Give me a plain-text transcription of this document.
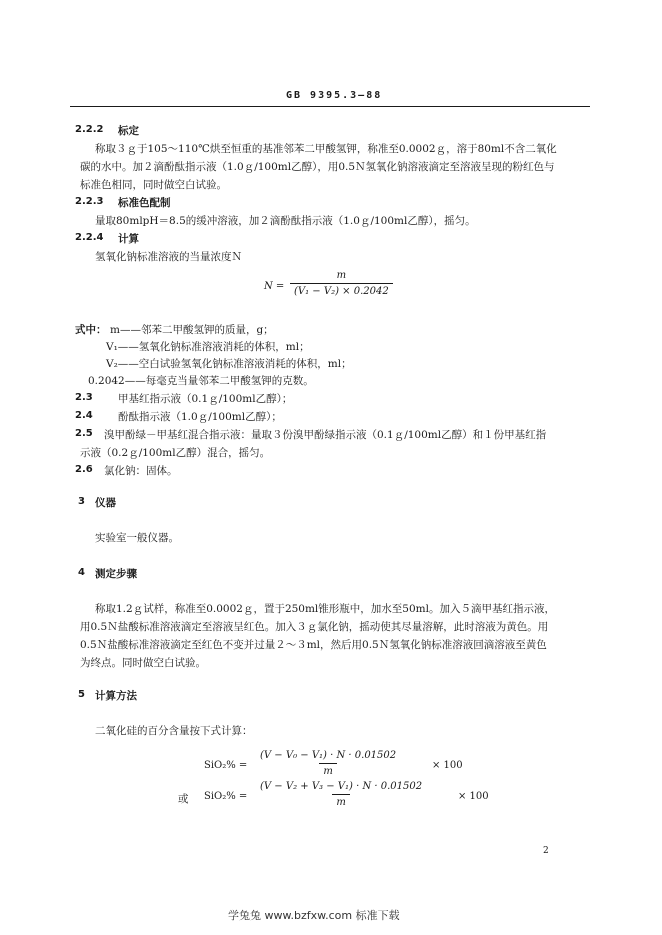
GB 9395.3—88
2.2.2 标定
称取３ｇ于105～110℃烘至恒重的基准邻苯二甲酸氢钾，称准至0.0002ｇ，溶于80ml不含二氧化
碳的水中。加２滴酚酞指示液（1.0ｇ/100ml乙醇），用0.5Ｎ氢氧化钠溶液滴定至溶液呈现的粉红色与
标准色相同，同时做空白试验。
2.2.3 标准色配制
量取80mlpH＝8.5的缓冲溶液，加２滴酚酞指示液（1.0ｇ/100ml乙醇），摇匀。
2.2.4 计算
氢氧化钠标准溶液的当量浓度Ｎ
$N = \frac{m}{\text{(V₁ − V₂) × 0.2042}}$
式中： m——邻苯二甲酸氢钾的质量，g；
V₁——氢氧化钠标准溶液消耗的体积，ml；
V₂——空白试验氢氧化钠标准溶液消耗的体积，ml；
0.2042——每毫克当量邻苯二甲酸氢钾的克数。
2.3 甲基红指示液（0.1ｇ/100ml乙醇）；
2.4 酚酞指示液（1.0ｇ/100ml乙醇）；
2.5 溴甲酚绿－甲基红混合指示液：量取３份溴甲酚绿指示液（0.1ｇ/100ml乙醇）和１份甲基红指
示液（0.2ｇ/100ml乙醇）混合，摇匀。
2.6 氯化钠：固体。
3 仪器
实验室一般仪器。
4 测定步骤
称取1.2ｇ试样，称准至0.0002ｇ，置于250ml锥形瓶中，加水至50ml。加入５滴甲基红指示液，
用0.5Ｎ盐酸标准溶液滴定至溶液呈红色。加入３ｇ氯化钠，摇动使其尽量溶解，此时溶液为黄色。用
0.5Ｎ盐酸标准溶液滴定至红色不变并过量２～３ml，然后用0.5Ｎ氢氧化钠标准溶液回滴溶液至黄色
为终点。同时做空白试验。
5 计算方法
二氧化硅的百分含量按下式计算：
$SiO_2\% = \frac{\text{(V − V₀ − V₁) · N · 0.01502}}{m}$	× 100
或 $SiO_2\% = \frac{\text{(V − V₂ + V₃ − V₁) · N · 0.01502}}{m}$	× 100
2
学兔兔 www.bzfxw.com 标准下载
